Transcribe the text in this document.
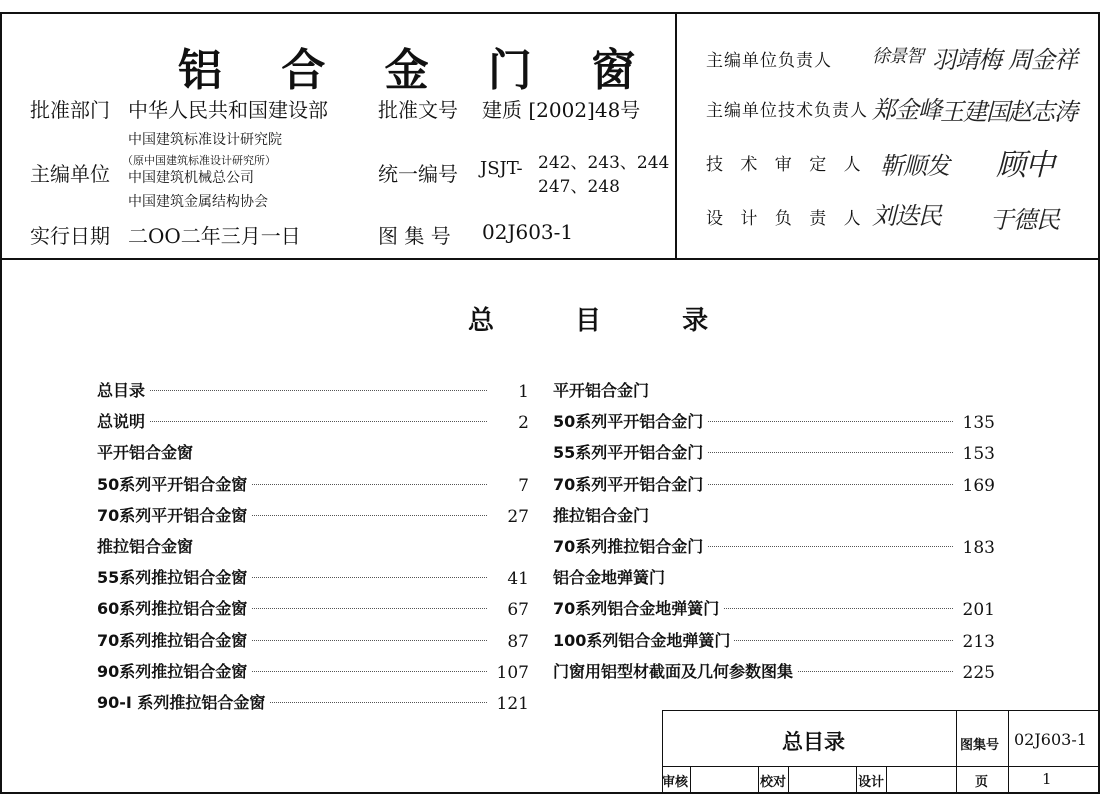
铝 合 金 门 窗
批准部门 中华人民共和国建设部	批准文号 建质 [2002]48号
主编单位
中国建筑标准设计研究院
（原中国建筑标准设计研究所）
中国建筑机械总公司
中国建筑金属结构协会
统一编号 JSJT- 242、243、244
247、248
实行日期 二OO二年三月一日	图 集 号 02J603-1
主编单位负责人 徐景智 羽靖梅 周金祥
主编单位技术负责人 郑金峰 王建国 赵志涛
技 术 审 定 人 靳顺发 顾中
设 计 负 责 人 刘迭民 于德民
总 目 录
总目录	1
总说明	2
平开铝合金窗
50系列平开铝合金窗	7
70系列平开铝合金窗	27
推拉铝合金窗
55系列推拉铝合金窗	41
60系列推拉铝合金窗	67
70系列推拉铝合金窗	87
90系列推拉铝合金窗	107
90-I 系列推拉铝合金窗	121
平开铝合金门
50系列平开铝合金门	135
55系列平开铝合金门	153
70系列平开铝合金门	169
推拉铝合金门
70系列推拉铝合金门	183
铝合金地弹簧门
70系列铝合金地弹簧门	201
100系列铝合金地弹簧门	213
门窗用铝型材截面及几何参数图集	225
总目录	图集号 02J603-1
审核	校对	设计	页	1
